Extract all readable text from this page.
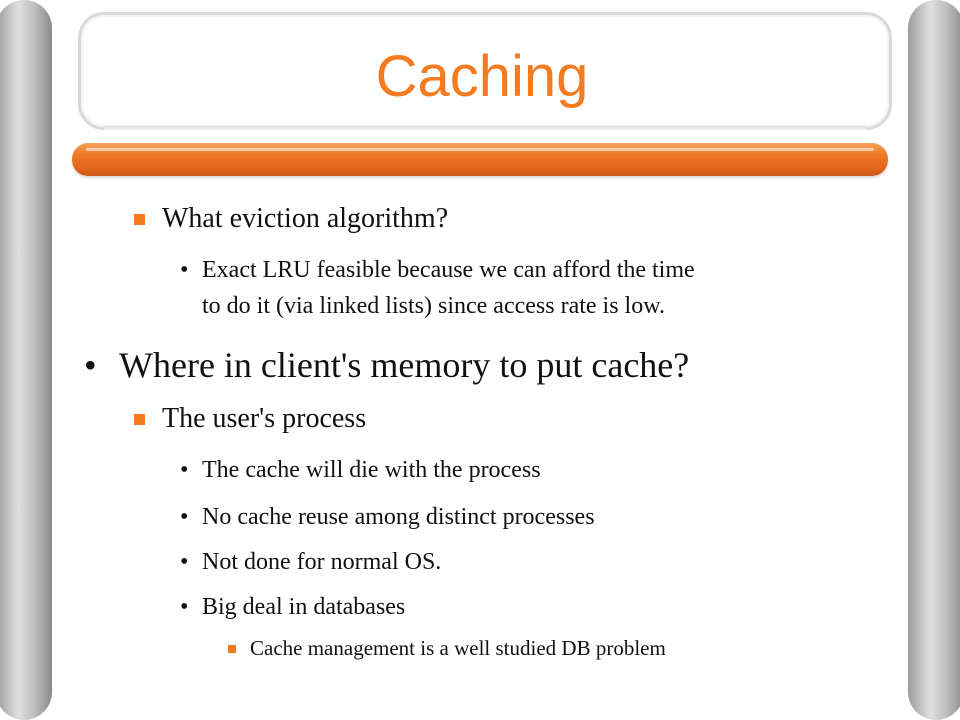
Caching
What eviction algorithm?
• Exact LRU feasible because we can afford the time
to do it (via linked lists) since access rate is low.
• Where in client's memory to put cache?
The user's process
• The cache will die with the process
• No cache reuse among distinct processes
• Not done for normal OS.
• Big deal in databases
Cache management is a well studied DB problem
